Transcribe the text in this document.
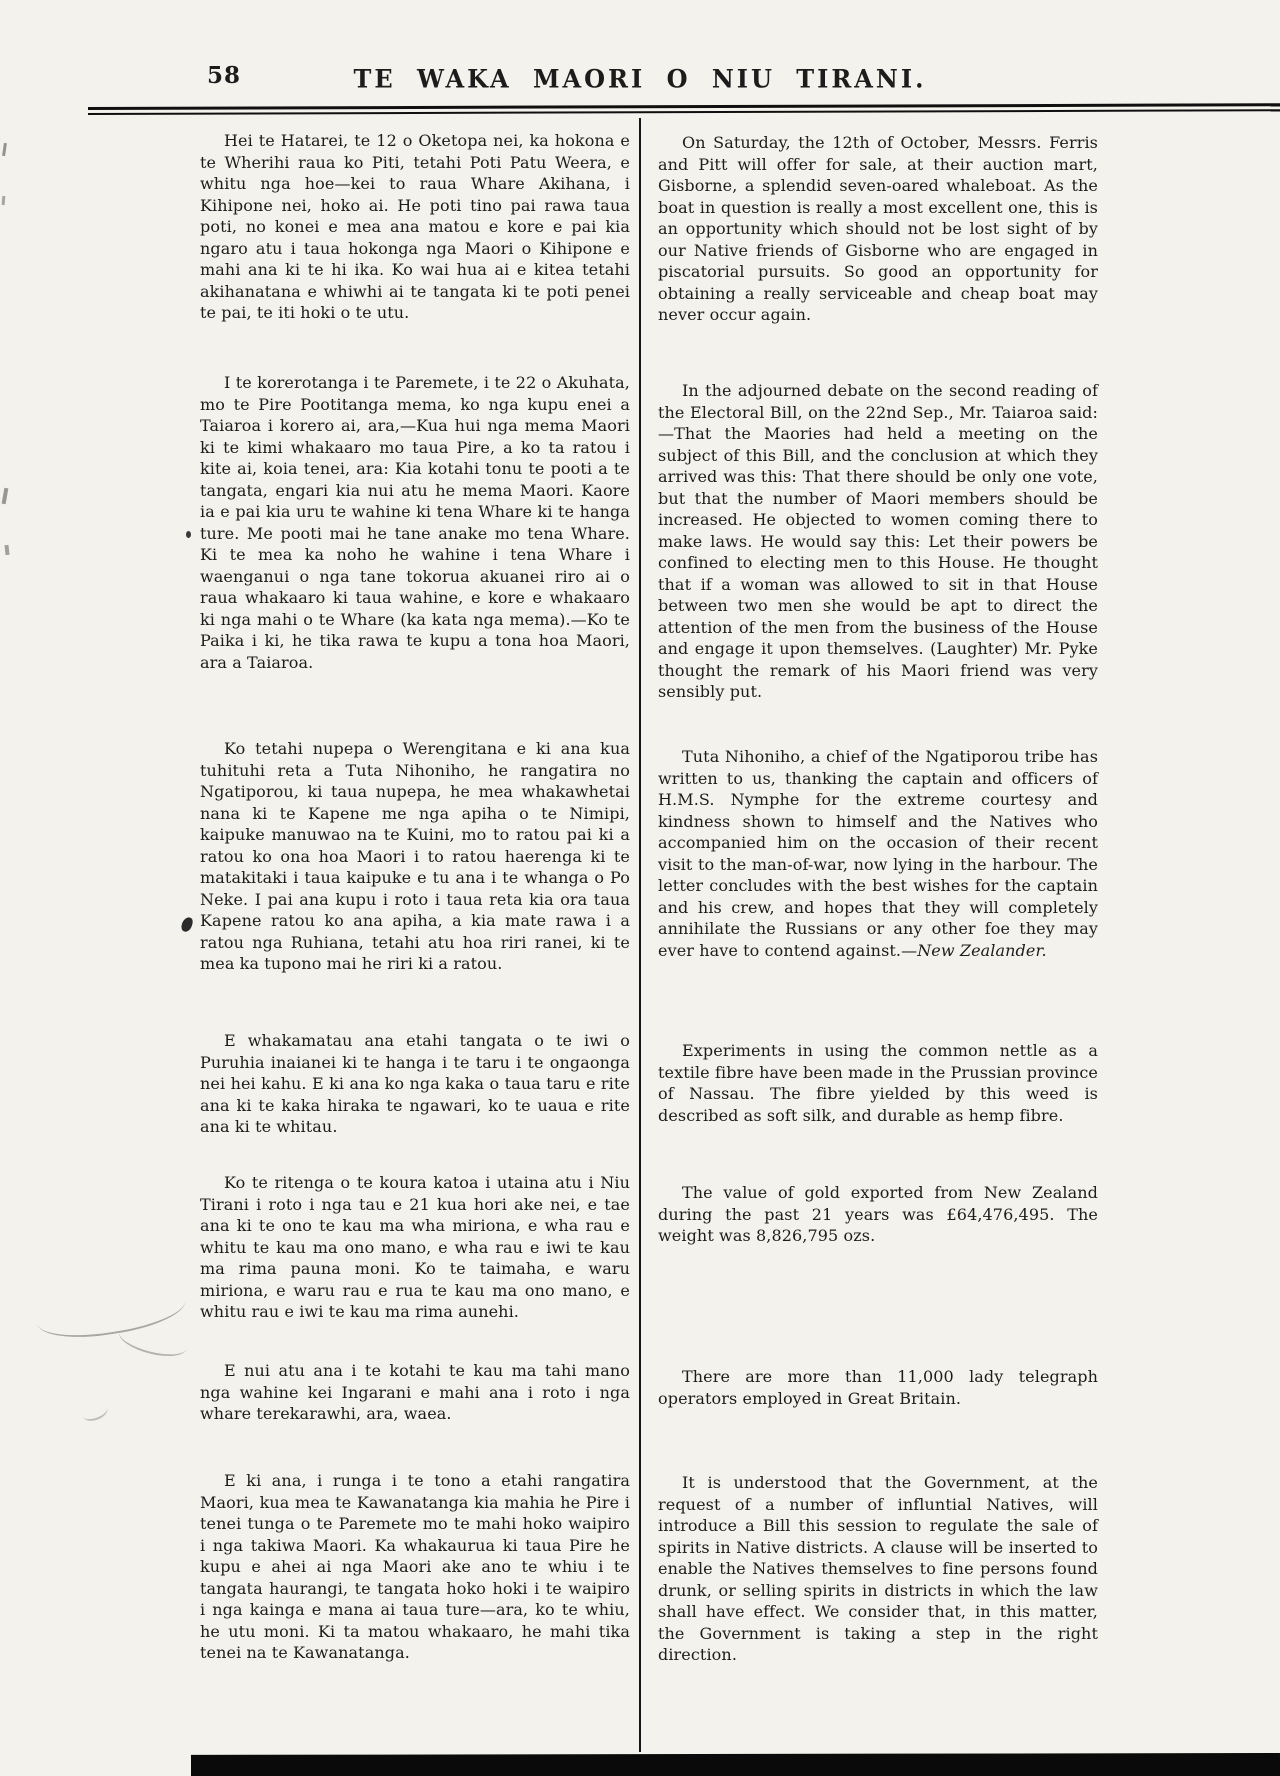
58	TE WAKA MAORI O NIU TIRANI.

Hei te Hatarei, te 12 o Oketopa nei, ka hokona e te Wherihi raua ko Piti, tetahi Poti Patu Weera, e whitu nga hoe—kei to raua Whare Akihana, i Kihipone nei, hoko ai. He poti tino pai rawa taua poti, no konei e mea ana matou e kore e pai kia ngaro atu i taua hokonga nga Maori o Kihipone e mahi ana ki te hi ika. Ko wai hua ai e kitea tetahi akihanatana e whiwhi ai te tangata ki te poti penei te pai, te iti hoki o te utu.

I te korerotanga i te Paremete, i te 22 o Akuhata, mo te Pire Pootitanga mema, ko nga kupu enei a Taiaroa i korero ai, ara,—Kua hui nga mema Maori ki te kimi whakaaro mo taua Pire, a ko ta ratou i kite ai, koia tenei, ara: Kia kotahi tonu te pooti a te tangata, engari kia nui atu he mema Maori. Kaore ia e pai kia uru te wahine ki tena Whare ki te hanga ture. Me pooti mai he tane anake mo tena Whare. Ki te mea ka noho he wahine i tena Whare i waenganui o nga tane tokorua akuanei riro ai o raua whakaaro ki taua wahine, e kore e whakaaro ki nga mahi o te Whare (ka kata nga mema).—Ko te Paika i ki, he tika rawa te kupu a tona hoa Maori, ara a Taiaroa.

Ko tetahi nupepa o Werengitana e ki ana kua tuhituhi reta a Tuta Nihoniho, he rangatira no Ngatiporou, ki taua nupepa, he mea whakawhetai nana ki te Kapene me nga apiha o te Nimipi, kaipuke manuwao na te Kuini, mo to ratou pai ki a ratou ko ona hoa Maori i to ratou haerenga ki te matakitaki i taua kaipuke e tu ana i te whanga o Po Neke. I pai ana kupu i roto i taua reta kia ora taua Kapene ratou ko ana apiha, a kia mate rawa i a ratou nga Ruhiana, tetahi atu hoa riri ranei, ki te mea ka tupono mai he riri ki a ratou.

E whakamatau ana etahi tangata o te iwi o Puruhia inaianei ki te hanga i te taru i te ongaonga nei hei kahu. E ki ana ko nga kaka o taua taru e rite ana ki te kaka hiraka te ngawari, ko te uaua e rite ana ki te whitau.

Ko te ritenga o te koura katoa i utaina atu i Niu Tirani i roto i nga tau e 21 kua hori ake nei, e tae ana ki te ono te kau ma wha miriona, e wha rau e whitu te kau ma ono mano, e wha rau e iwi te kau ma rima pauna moni. Ko te taimaha, e waru miriona, e waru rau e rua te kau ma ono mano, e whitu rau e iwi te kau ma rima aunehi.

E nui atu ana i te kotahi te kau ma tahi mano nga wahine kei Ingarani e mahi ana i roto i nga whare terekarawhi, ara, waea.

E ki ana, i runga i te tono a etahi rangatira Maori, kua mea te Kawanatanga kia mahia he Pire i tenei tunga o te Paremete mo te mahi hoko waipiro i nga takiwa Maori. Ka whakaurua ki taua Pire he kupu e ahei ai nga Maori ake ano te whiu i te tangata haurangi, te tangata hoko hoki i te waipiro i nga kainga e mana ai taua ture—ara, ko te whiu, he utu moni. Ki ta matou whakaaro, he mahi tika tenei na te Kawanatanga.

On Saturday, the 12th of October, Messrs. Ferris and Pitt will offer for sale, at their auction mart, Gisborne, a splendid seven-oared whaleboat. As the boat in question is really a most excellent one, this is an opportunity which should not be lost sight of by our Native friends of Gisborne who are engaged in piscatorial pursuits. So good an opportunity for obtaining a really serviceable and cheap boat may never occur again.

In the adjourned debate on the second reading of the Electoral Bill, on the 22nd Sep., Mr. Taiaroa said:—That the Maories had held a meeting on the subject of this Bill, and the conclusion at which they arrived was this: That there should be only one vote, but that the number of Maori members should be increased. He objected to women coming there to make laws. He would say this: Let their powers be confined to electing men to this House. He thought that if a woman was allowed to sit in that House between two men she would be apt to direct the attention of the men from the business of the House and engage it upon themselves. (Laughter) Mr. Pyke thought the remark of his Maori friend was very sensibly put.

Tuta Nihoniho, a chief of the Ngatiporou tribe has written to us, thanking the captain and officers of H.M.S. Nymphe for the extreme courtesy and kindness shown to himself and the Natives who accompanied him on the occasion of their recent visit to the man-of-war, now lying in the harbour. The letter concludes with the best wishes for the captain and his crew, and hopes that they will completely annihilate the Russians or any other foe they may ever have to contend against.—New Zealander.

Experiments in using the common nettle as a textile fibre have been made in the Prussian province of Nassau. The fibre yielded by this weed is described as soft silk, and durable as hemp fibre.

The value of gold exported from New Zealand during the past 21 years was £64,476,495. The weight was 8,826,795 ozs.

There are more than 11,000 lady telegraph operators employed in Great Britain.

It is understood that the Government, at the request of a number of influntial Natives, will introduce a Bill this session to regulate the sale of spirits in Native districts. A clause will be inserted to enable the Natives themselves to fine persons found drunk, or selling spirits in districts in which the law shall have effect. We consider that, in this matter, the Government is taking a step in the right direction.
